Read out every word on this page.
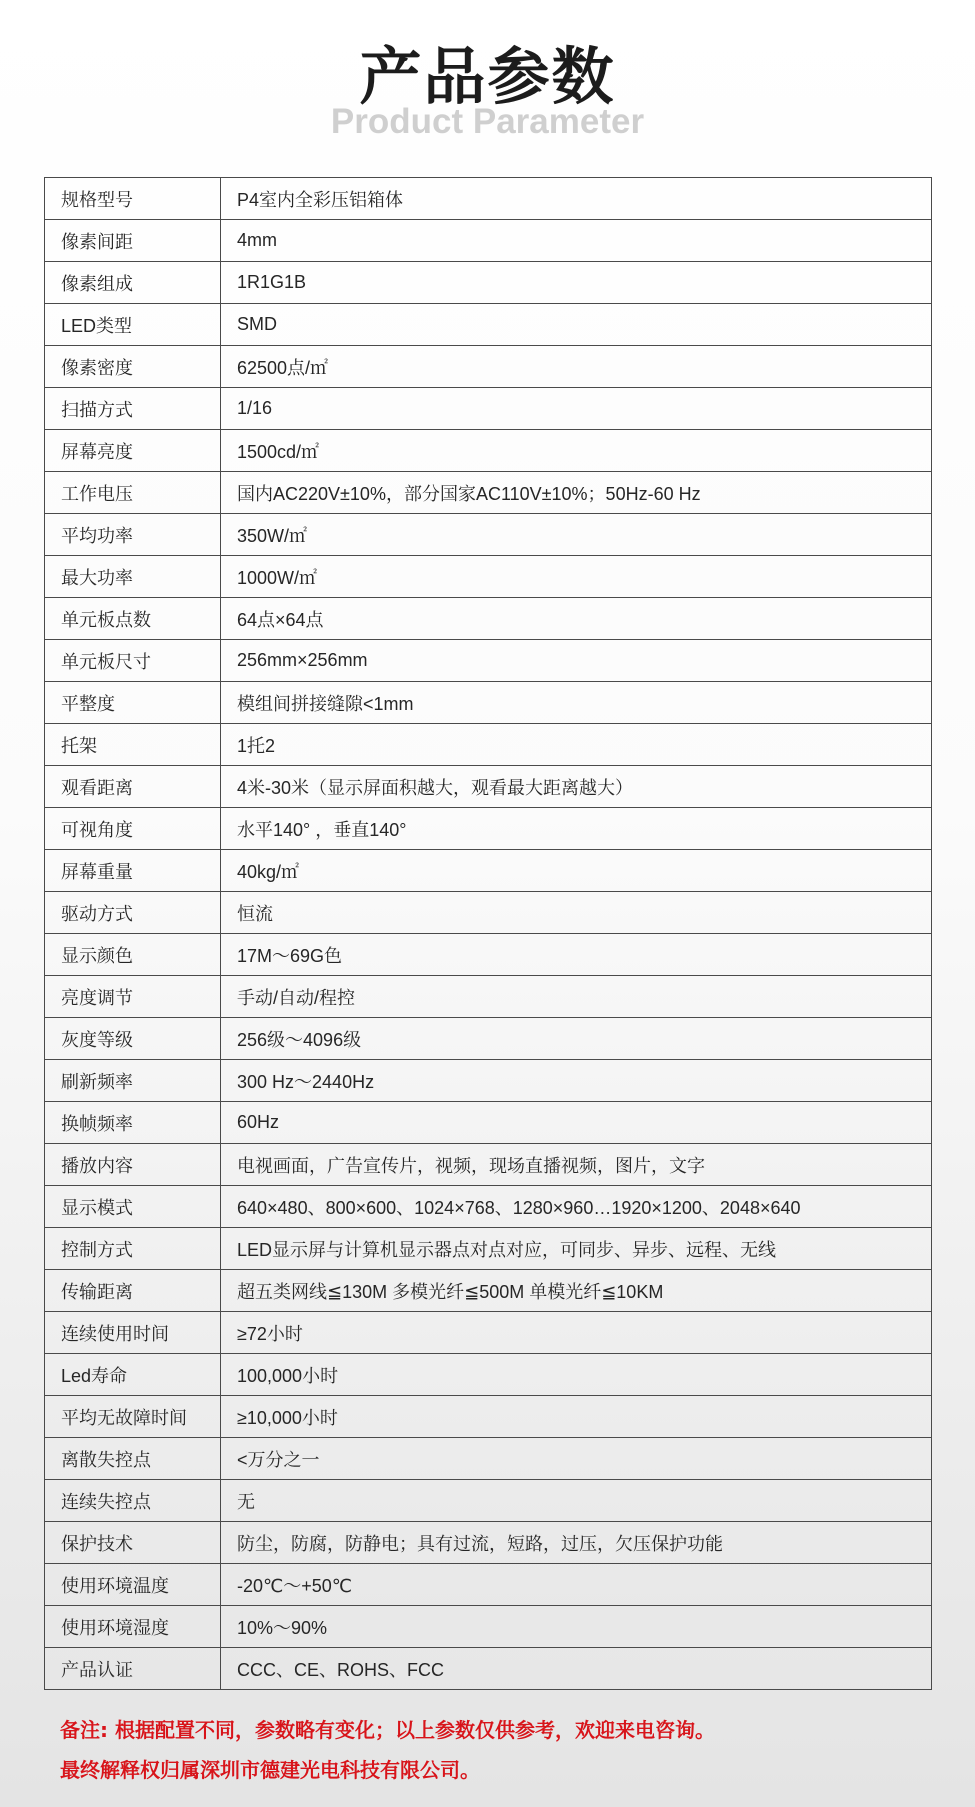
产品参数
Product Parameter
规格型号	P4室内全彩压铝箱体
像素间距	4mm
像素组成	1R1G1B
LED类型	SMD
像素密度	62500点/㎡
扫描方式	1/16
屏幕亮度	1500cd/㎡
工作电压	国内AC220V±10%，部分国家AC110V±10%；50Hz-60 Hz
平均功率	350W/㎡
最大功率	1000W/㎡
单元板点数	64点×64点
单元板尺寸	256mm×256mm
平整度	模组间拼接缝隙<1mm
托架	1托2
观看距离	4米-30米（显示屏面积越大，观看最大距离越大）
可视角度	水平140° ，垂直140°
屏幕重量	40kg/㎡
驱动方式	恒流
显示颜色	17M～69G色
亮度调节	手动/自动/程控
灰度等级	256级～4096级
刷新频率	300 Hz～2440Hz
换帧频率	60Hz
播放内容	电视画面，广告宣传片，视频，现场直播视频，图片，文字
显示模式	640×480、800×600、1024×768、1280×960…1920×1200、2048×640
控制方式	LED显示屏与计算机显示器点对点对应，可同步、异步、远程、无线
传输距离	超五类网线≦130M 多模光纤≦500M 单模光纤≦10KM
连续使用时间	≥72小时
Led寿命	100,000小时
平均无故障时间	≥10,000小时
离散失控点	<万分之一
连续失控点	无
保护技术	防尘，防腐，防静电；具有过流，短路，过压，欠压保护功能
使用环境温度	-20℃～+50℃
使用环境湿度	10%～90%
产品认证	CCC、CE、ROHS、FCC
备注: 根据配置不同，参数略有变化；以上参数仅供参考，欢迎来电咨询。
最终解释权归属深圳市德建光电科技有限公司。
